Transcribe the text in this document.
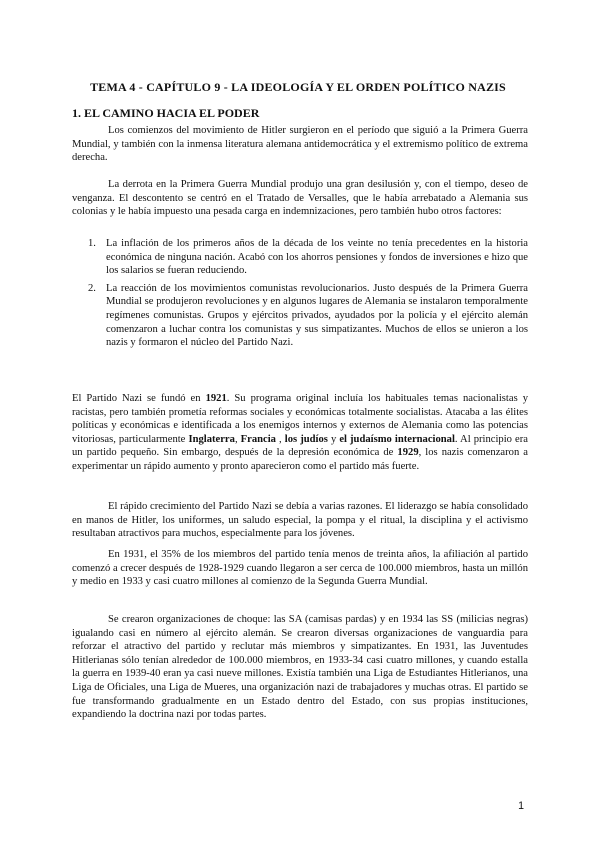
TEMA 4 - CAPÍTULO 9 - LA IDEOLOGÍA Y EL ORDEN POLÍTICO NAZIS
1. EL CAMINO HACIA EL PODER

Los comienzos del movimiento de Hitler surgieron en el período que siguió a la Primera Guerra Mundial, y también con la inmensa literatura alemana antidemocrática y el extremismo político de extrema derecha.

La derrota en la Primera Guerra Mundial produjo una gran desilusión y, con el tiempo, deseo de venganza. El descontento se centró en el Tratado de Versalles, que le había arrebatado a Alemania sus colonias y le había impuesto una pesada carga en indemnizaciones, pero también hubo otros factores:

1. La inflación de los primeros años de la década de los veinte no tenía precedentes en la historia económica de ninguna nación. Acabó con los ahorros pensiones y fondos de inversiones e hizo que los salarios se fueran reduciendo.
2. La reacción de los movimientos comunistas revolucionarios. Justo después de la Primera Guerra Mundial se produjeron revoluciones y en algunos lugares de Alemania se instalaron temporalmente regímenes comunistas. Grupos y ejércitos privados, ayudados por la policía y el ejército alemán comenzaron a luchar contra los comunistas y sus simpatizantes. Muchos de ellos se unieron a los nazis y formaron el núcleo del Partido Nazi.

El Partido Nazi se fundó en 1921. Su programa original incluía los habituales temas nacionalistas y racistas, pero también prometía reformas sociales y económicas totalmente socialistas. Atacaba a las élites políticas y económicas e identificada a los enemigos internos y externos de Alemania como las potencias vitoriosas, particularmente Inglaterra, Francia , los judíos y el judaísmo internacional. Al principio era un partido pequeño. Sin embargo, después de la depresión económica de 1929, los nazis comenzaron a experimentar un rápido aumento y pronto aparecieron como el partido más fuerte.

El rápido crecimiento del Partido Nazi se debía a varias razones. El liderazgo se había consolidado en manos de Hitler, los uniformes, un saludo especial, la pompa y el ritual, la disciplina y el activismo resultaban atractivos para muchos, especialmente para los jóvenes.

En 1931, el 35% de los miembros del partido tenía menos de treinta años, la afiliación al partido comenzó a crecer después de 1928-1929 cuando llegaron a ser cerca de 100.000 miembros, hasta un millón y medio en 1933 y casi cuatro millones al comienzo de la Segunda Guerra Mundial.

Se crearon organizaciones de choque: las SA (camisas pardas) y en 1934 las SS (milicias negras) igualando casi en número al ejército alemán. Se crearon diversas organizaciones de vanguardia para reforzar el atractivo del partido y reclutar más miembros y simpatizantes. En 1931, las Juventudes Hitlerianas sólo tenían alrededor de 100.000 miembros, en 1933-34 casi cuatro millones, y cuando estalla la guerra en 1939-40 eran ya casi nueve millones. Existía también una Liga de Estudiantes Hitlerianos, una Liga de Oficiales, una Liga de Mueres, una organización nazi de trabajadores y muchas otras. El partido se fue transformando gradualmente en un Estado dentro del Estado, con sus propias instituciones, expandiendo la doctrina nazi por todas partes.

1
